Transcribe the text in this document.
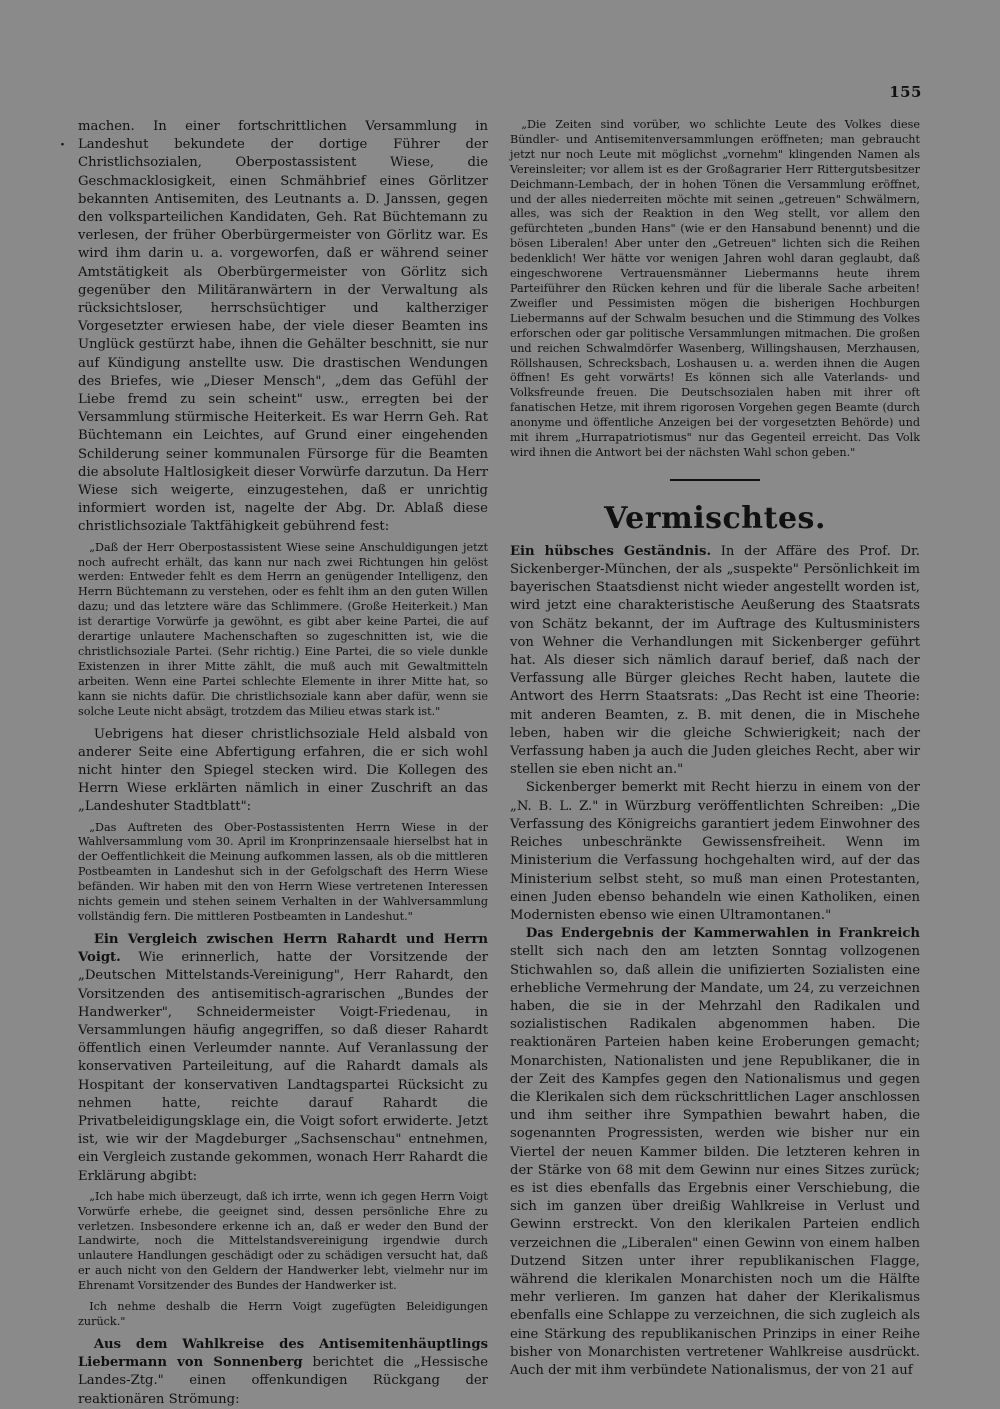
155
·

machen. In einer fortschrittlichen Versammlung in Landeshut bekundete der dortige Führer der Christlichsozialen, Oberpostassistent Wiese, die Geschmacklosigkeit, einen Schmähbrief eines Görlitzer bekannten Antisemiten, des Leutnants a. D. Janssen, gegen den volksparteilichen Kandidaten, Geh. Rat Büchtemann zu verlesen, der früher Oberbürgermeister von Görlitz war. Es wird ihm darin u. a. vorgeworfen, daß er während seiner Amtstätigkeit als Oberbürgermeister von Görlitz sich gegenüber den Militäranwärtern in der Verwaltung als rücksichtsloser, herrschsüchtiger und kaltherziger Vorgesetzter erwiesen habe, der viele dieser Beamten ins Unglück gestürzt habe, ihnen die Gehälter beschnitt, sie nur auf Kündigung anstellte usw. Die drastischen Wendungen des Briefes, wie „Dieser Mensch", „dem das Gefühl der Liebe fremd zu sein scheint" usw., erregten bei der Versammlung stürmische Heiterkeit. Es war Herrn Geh. Rat Büchtemann ein Leichtes, auf Grund einer eingehenden Schilderung seiner kommunalen Fürsorge für die Beamten die absolute Haltlosigkeit dieser Vorwürfe darzutun. Da Herr Wiese sich weigerte, einzugestehen, daß er unrichtig informiert worden ist, nagelte der Abg. Dr. Ablaß diese christlichsoziale Taktfähigkeit gebührend fest:

„Daß der Herr Oberpostassistent Wiese seine Anschuldigungen jetzt noch aufrecht erhält, das kann nur nach zwei Richtungen hin gelöst werden: Entweder fehlt es dem Herrn an genügender Intelligenz, den Herrn Büchtemann zu verstehen, oder es fehlt ihm an den guten Willen dazu; und das letztere wäre das Schlimmere. (Große Heiterkeit.) Man ist derartige Vorwürfe ja gewöhnt, es gibt aber keine Partei, die auf derartige unlautere Machenschaften so zugeschnitten ist, wie die christlichsoziale Partei. (Sehr richtig.) Eine Partei, die so viele dunkle Existenzen in ihrer Mitte zählt, die muß auch mit Gewaltmitteln arbeiten. Wenn eine Partei schlechte Elemente in ihrer Mitte hat, so kann sie nichts dafür. Die christlichsoziale kann aber dafür, wenn sie solche Leute nicht absägt, trotzdem das Milieu etwas stark ist."

Uebrigens hat dieser christlichsoziale Held alsbald von anderer Seite eine Abfertigung erfahren, die er sich wohl nicht hinter den Spiegel stecken wird. Die Kollegen des Herrn Wiese erklärten nämlich in einer Zuschrift an das „Landeshuter Stadtblatt":

„Das Auftreten des Ober-Postassistenten Herrn Wiese in der Wahlversammlung vom 30. April im Kronprinzensaale hierselbst hat in der Oeffentlichkeit die Meinung aufkommen lassen, als ob die mittleren Postbeamten in Landeshut sich in der Gefolgschaft des Herrn Wiese befänden. Wir haben mit den von Herrn Wiese vertretenen Interessen nichts gemein und stehen seinem Verhalten in der Wahlversammlung vollständig fern. Die mittleren Postbeamten in Landeshut."

Ein Vergleich zwischen Herrn Rahardt und Herrn Voigt. Wie erinnerlich, hatte der Vorsitzende der „Deutschen Mittelstands-Vereinigung", Herr Rahardt, den Vorsitzenden des antisemitisch-agrarischen „Bundes der Handwerker", Schneidermeister Voigt-Friedenau, in Versammlungen häufig angegriffen, so daß dieser Rahardt öffentlich einen Verleumder nannte. Auf Veranlassung der konservativen Parteileitung, auf die Rahardt damals als Hospitant der konservativen Landtagspartei Rücksicht zu nehmen hatte, reichte darauf Rahardt die Privatbeleidigungsklage ein, die Voigt sofort erwiderte. Jetzt ist, wie wir der Magdeburger „Sachsenschau" entnehmen, ein Vergleich zustande gekommen, wonach Herr Rahardt die Erklärung abgibt:

„Ich habe mich überzeugt, daß ich irrte, wenn ich gegen Herrn Voigt Vorwürfe erhebe, die geeignet sind, dessen persönliche Ehre zu verletzen. Insbesondere erkenne ich an, daß er weder den Bund der Landwirte, noch die Mittelstandsvereinigung irgendwie durch unlautere Handlungen geschädigt oder zu schädigen versucht hat, daß er auch nicht von den Geldern der Handwerker lebt, vielmehr nur im Ehrenamt Vorsitzender des Bundes der Handwerker ist.

Ich nehme deshalb die Herrn Voigt zugefügten Beleidigungen zurück."

Aus dem Wahlkreise des Antisemitenhäuptlings Liebermann von Sonnenberg berichtet die „Hessische Landes-Ztg." einen offenkundigen Rückgang der reaktionären Strömung:

„Die Zeiten sind vorüber, wo schlichte Leute des Volkes diese Bündler- und Antisemitenversammlungen eröffneten; man gebraucht jetzt nur noch Leute mit möglichst „vornehm" klingenden Namen als Vereinsleiter; vor allem ist es der Großagrarier Herr Rittergutsbesitzer Deichmann-Lembach, der in hohen Tönen die Versammlung eröffnet, und der alles niederreiten möchte mit seinen „getreuen" Schwälmern, alles, was sich der Reaktion in den Weg stellt, vor allem den gefürchteten „bunden Hans" (wie er den Hansabund benennt) und die bösen Liberalen! Aber unter den „Getreuen" lichten sich die Reihen bedenklich! Wer hätte vor wenigen Jahren wohl daran geglaubt, daß eingeschworene Vertrauensmänner Liebermanns heute ihrem Parteiführer den Rücken kehren und für die liberale Sache arbeiten! Zweifler und Pessimisten mögen die bisherigen Hochburgen Liebermanns auf der Schwalm besuchen und die Stimmung des Volkes erforschen oder gar politische Versammlungen mitmachen. Die großen und reichen Schwalmdörfer Wasenberg, Willingshausen, Merzhausen, Röllshausen, Schrecksbach, Loshausen u. a. werden ihnen die Augen öffnen! Es geht vorwärts! Es können sich alle Vaterlands- und Volksfreunde freuen. Die Deutschsozialen haben mit ihrer oft fanatischen Hetze, mit ihrem rigorosen Vorgehen gegen Beamte (durch anonyme und öffentliche Anzeigen bei der vorgesetzten Behörde) und mit ihrem „Hurrapatriotismus" nur das Gegenteil erreicht. Das Volk wird ihnen die Antwort bei der nächsten Wahl schon geben."

Vermischtes.

Ein hübsches Geständnis. In der Affäre des Prof. Dr. Sickenberger-München, der als „suspekte" Persönlichkeit im bayerischen Staatsdienst nicht wieder angestellt worden ist, wird jetzt eine charakteristische Aeußerung des Staatsrats von Schätz bekannt, der im Auftrage des Kultusministers von Wehner die Verhandlungen mit Sickenberger geführt hat. Als dieser sich nämlich darauf berief, daß nach der Verfassung alle Bürger gleiches Recht haben, lautete die Antwort des Herrn Staatsrats: „Das Recht ist eine Theorie: mit anderen Beamten, z. B. mit denen, die in Mischehe leben, haben wir die gleiche Schwierigkeit; nach der Verfassung haben ja auch die Juden gleiches Recht, aber wir stellen sie eben nicht an."

Sickenberger bemerkt mit Recht hierzu in einem von der „N. B. L. Z." in Würzburg veröffentlichten Schreiben: „Die Verfassung des Königreichs garantiert jedem Einwohner des Reiches unbeschränkte Gewissensfreiheit. Wenn im Ministerium die Verfassung hochgehalten wird, auf der das Ministerium selbst steht, so muß man einen Protestanten, einen Juden ebenso behandeln wie einen Katholiken, einen Modernisten ebenso wie einen Ultramontanen."

Das Endergebnis der Kammerwahlen in Frankreich stellt sich nach den am letzten Sonntag vollzogenen Stichwahlen so, daß allein die unifizierten Sozialisten eine erhebliche Vermehrung der Mandate, um 24, zu verzeichnen haben, die sie in der Mehrzahl den Radikalen und sozialistischen Radikalen abgenommen haben. Die reaktionären Parteien haben keine Eroberungen gemacht; Monarchisten, Nationalisten und jene Republikaner, die in der Zeit des Kampfes gegen den Nationalismus und gegen die Klerikalen sich dem rückschrittlichen Lager anschlossen und ihm seither ihre Sympathien bewahrt haben, die sogenannten Progressisten, werden wie bisher nur ein Viertel der neuen Kammer bilden. Die letzteren kehren in der Stärke von 68 mit dem Gewinn nur eines Sitzes zurück; es ist dies ebenfalls das Ergebnis einer Verschiebung, die sich im ganzen über dreißig Wahlkreise in Verlust und Gewinn erstreckt. Von den klerikalen Parteien endlich verzeichnen die „Liberalen" einen Gewinn von einem halben Dutzend Sitzen unter ihrer republikanischen Flagge, während die klerikalen Monarchisten noch um die Hälfte mehr verlieren. Im ganzen hat daher der Klerikalismus ebenfalls eine Schlappe zu verzeichnen, die sich zugleich als eine Stärkung des republikanischen Prinzips in einer Reihe bisher von Monarchisten vertretener Wahlkreise ausdrückt. Auch der mit ihm verbündete Nationalismus, der von 21 auf
